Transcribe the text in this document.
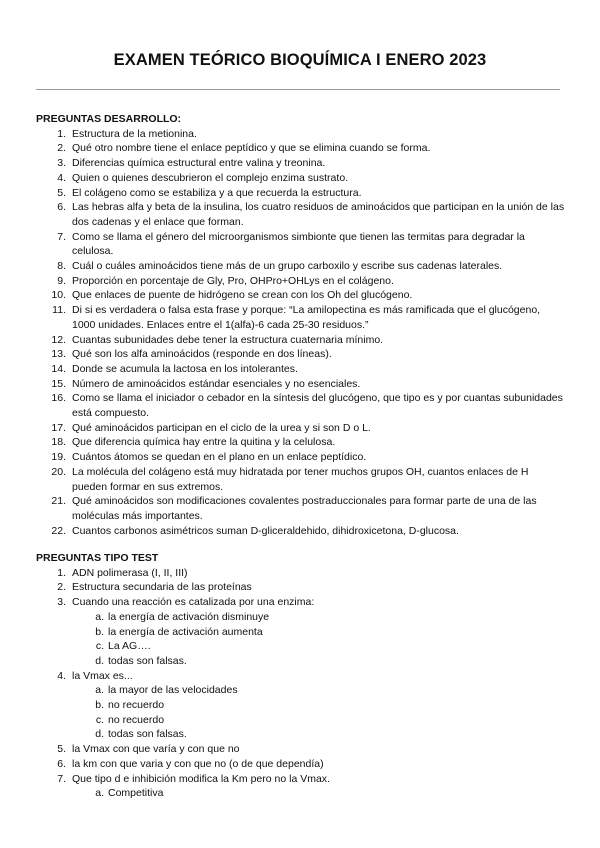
EXAMEN TEÓRICO BIOQUÍMICA I ENERO 2023

PREGUNTAS DESARROLLO:

1. Estructura de la metionina.
2. Qué otro nombre tiene el enlace peptídico y que se elimina cuando se forma.
3. Diferencias química estructural entre valina y treonina.
4. Quien o quienes descubrieron el complejo enzima sustrato.
5. El colágeno como se estabiliza y a que recuerda la estructura.
6. Las hebras alfa y beta de la insulina, los cuatro residuos de aminoácidos que participan en la unión de las dos cadenas y el enlace que forman.
7. Como se llama el género del microorganismos simbionte que tienen las termitas para degradar la celulosa.
8. Cuál o cuáles aminoácidos tiene más de un grupo carboxilo y escribe sus cadenas laterales.
9. Proporción en porcentaje de Gly, Pro, OHPro+OHLys en el colágeno.
10. Que enlaces de puente de hidrógeno se crean con los Oh del glucógeno.
11. Di si es verdadera o falsa esta frase y porque: “La amilopectina es más ramificada que el glucógeno, 1000 unidades. Enlaces entre el 1(alfa)-6 cada 25-30 residuos.”
12. Cuantas subunidades debe tener la estructura cuaternaria mínimo.
13. Qué son los alfa aminoácidos (responde en dos líneas).
14. Donde se acumula la lactosa en los intolerantes.
15. Número de aminoácidos estándar esenciales y no esenciales.
16. Como se llama el iniciador o cebador en la síntesis del glucógeno, que tipo es y por cuantas subunidades está compuesto.
17. Qué aminoácidos participan en el ciclo de la urea y si son D o L.
18. Que diferencia química hay entre la quitina y la celulosa.
19. Cuántos átomos se quedan en el plano en un enlace peptídico.
20. La molécula del colágeno está muy hidratada por tener muchos grupos OH, cuantos enlaces de H pueden formar en sus extremos.
21. Qué aminoácidos son modificaciones covalentes postraduccionales para formar parte de una de las moléculas más importantes.
22. Cuantos carbonos asimétricos suman D-gliceraldehido, dihidroxicetona, D-glucosa.

PREGUNTAS TIPO TEST

1. ADN polimerasa (I, II, III)
2. Estructura secundaria de las proteínas
3. Cuando una reacción es catalizada por una enzima:
a. la energía de activación disminuye
b. la energía de activación aumenta
c. La AG….
d. todas son falsas.
4. la Vmax es...
a. la mayor de las velocidades
b. no recuerdo
c. no recuerdo
d. todas son falsas.
5. la Vmax con que varía y con que no
6. la km con que varia y con que no (o de que dependía)
7. Que tipo d e inhibición modifica la Km pero no la Vmax.
a. Competitiva
